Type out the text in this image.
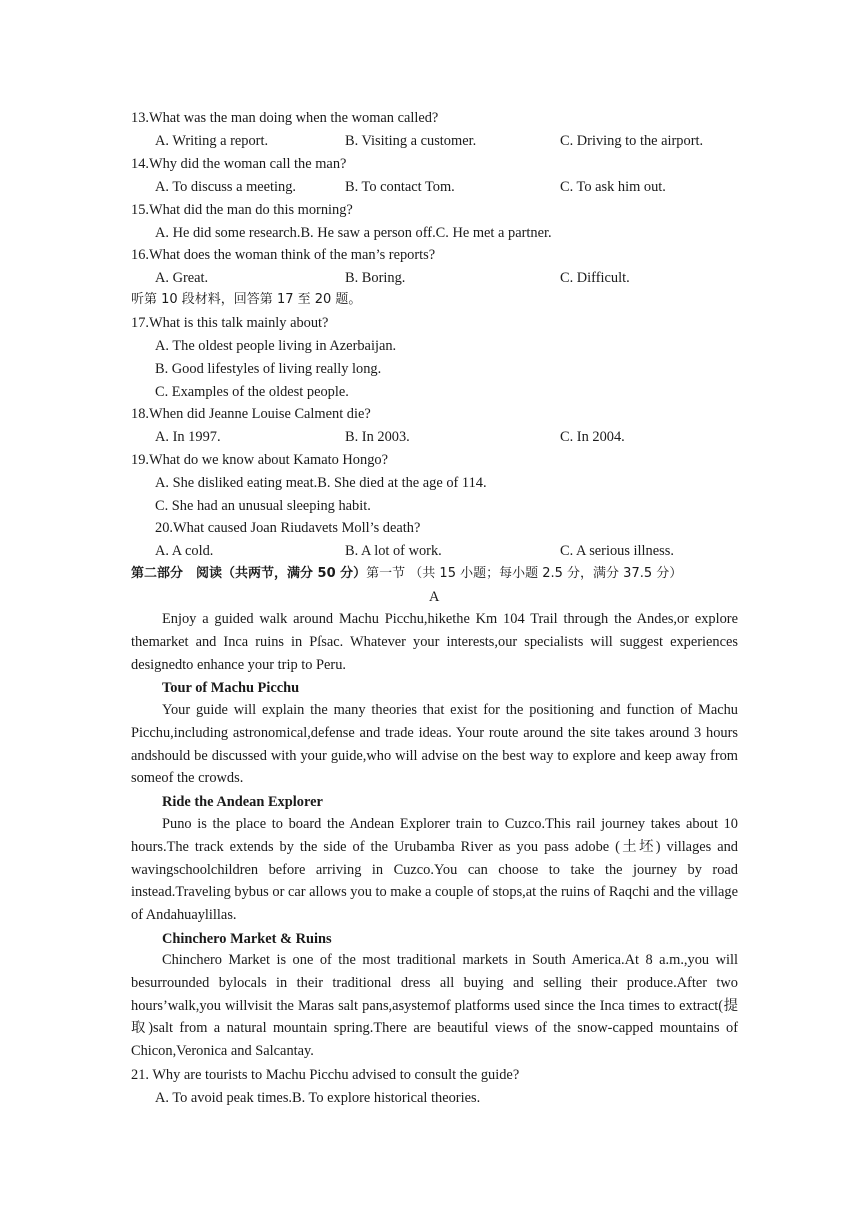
13.What was the man doing when the woman called?
A. Writing a report.	B. Visiting a customer.	C. Driving to the airport.
14.Why did the woman call the man?
A. To discuss a meeting.	B. To contact Tom.	C. To ask him out.
15.What did the man do this morning?
A. He did some research.B. He saw a person off.C. He met a partner.
16.What does the woman think of the man’s reports?
A. Great.	B. Boring.	C. Difficult.
听第 10 段材料，回答第 17 至 20 题。
17.What is this talk mainly about?
A. The oldest people living in Azerbaijan.
B. Good lifestyles of living really long.
C. Examples of the oldest people.
18.When did Jeanne Louise Calment die?
A. In 1997.	B. In 2003.	C. In 2004.
19.What do we know about Kamato Hongo?
A. She disliked eating meat.B. She died at the age of 114.
C. She had an unusual sleeping habit.
20.What caused Joan Riudavets Moll’s death?
A. A cold.	B. A lot of work.	C. A serious illness.
第二部分　阅读（共两节，满分 50 分）第一节 （共 15 小题；每小题 2.5 分，满分 37.5 分）
A
Enjoy a guided walk around Machu Picchu,hikethe Km 104 Trail through the Andes,or explore themarket and Inca ruins in Pſsac. Whatever your interests,our specialists will suggest experiences designedto enhance your trip to Peru.
Tour of Machu Picchu
Your guide will explain the many theories that exist for the positioning and function of Machu Picchu,including astronomical,defense and trade ideas. Your route around the site takes around 3 hours andshould be discussed with your guide,who will advise on the best way to explore and keep away from someof the crowds.
Ride the Andean Explorer
Puno is the place to board the Andean Explorer train to Cuzco.This rail journey takes about 10 hours.The track extends by the side of the Urubamba River as you pass adobe (土坯) villages and wavingschoolchildren before arriving in Cuzco.You can choose to take the journey by road instead.Traveling bybus or car allows you to make a couple of stops,at the ruins of Raqchi and the village of Andahuaylillas.
Chinchero Market & Ruins
Chinchero Market is one of the most traditional markets in South America.At 8 a.m.,you will besurrounded bylocals in their traditional dress all buying and selling their produce.After two hours’walk,you willvisit the Maras salt pans,asystemof platforms used since the Inca times to extract(提取)salt from a natural mountain spring.There are beautiful views of the snow-capped mountains of Chicon,Veronica and Salcantay.
21. Why are tourists to Machu Picchu advised to consult the guide?
A. To avoid peak times.B. To explore historical theories.
